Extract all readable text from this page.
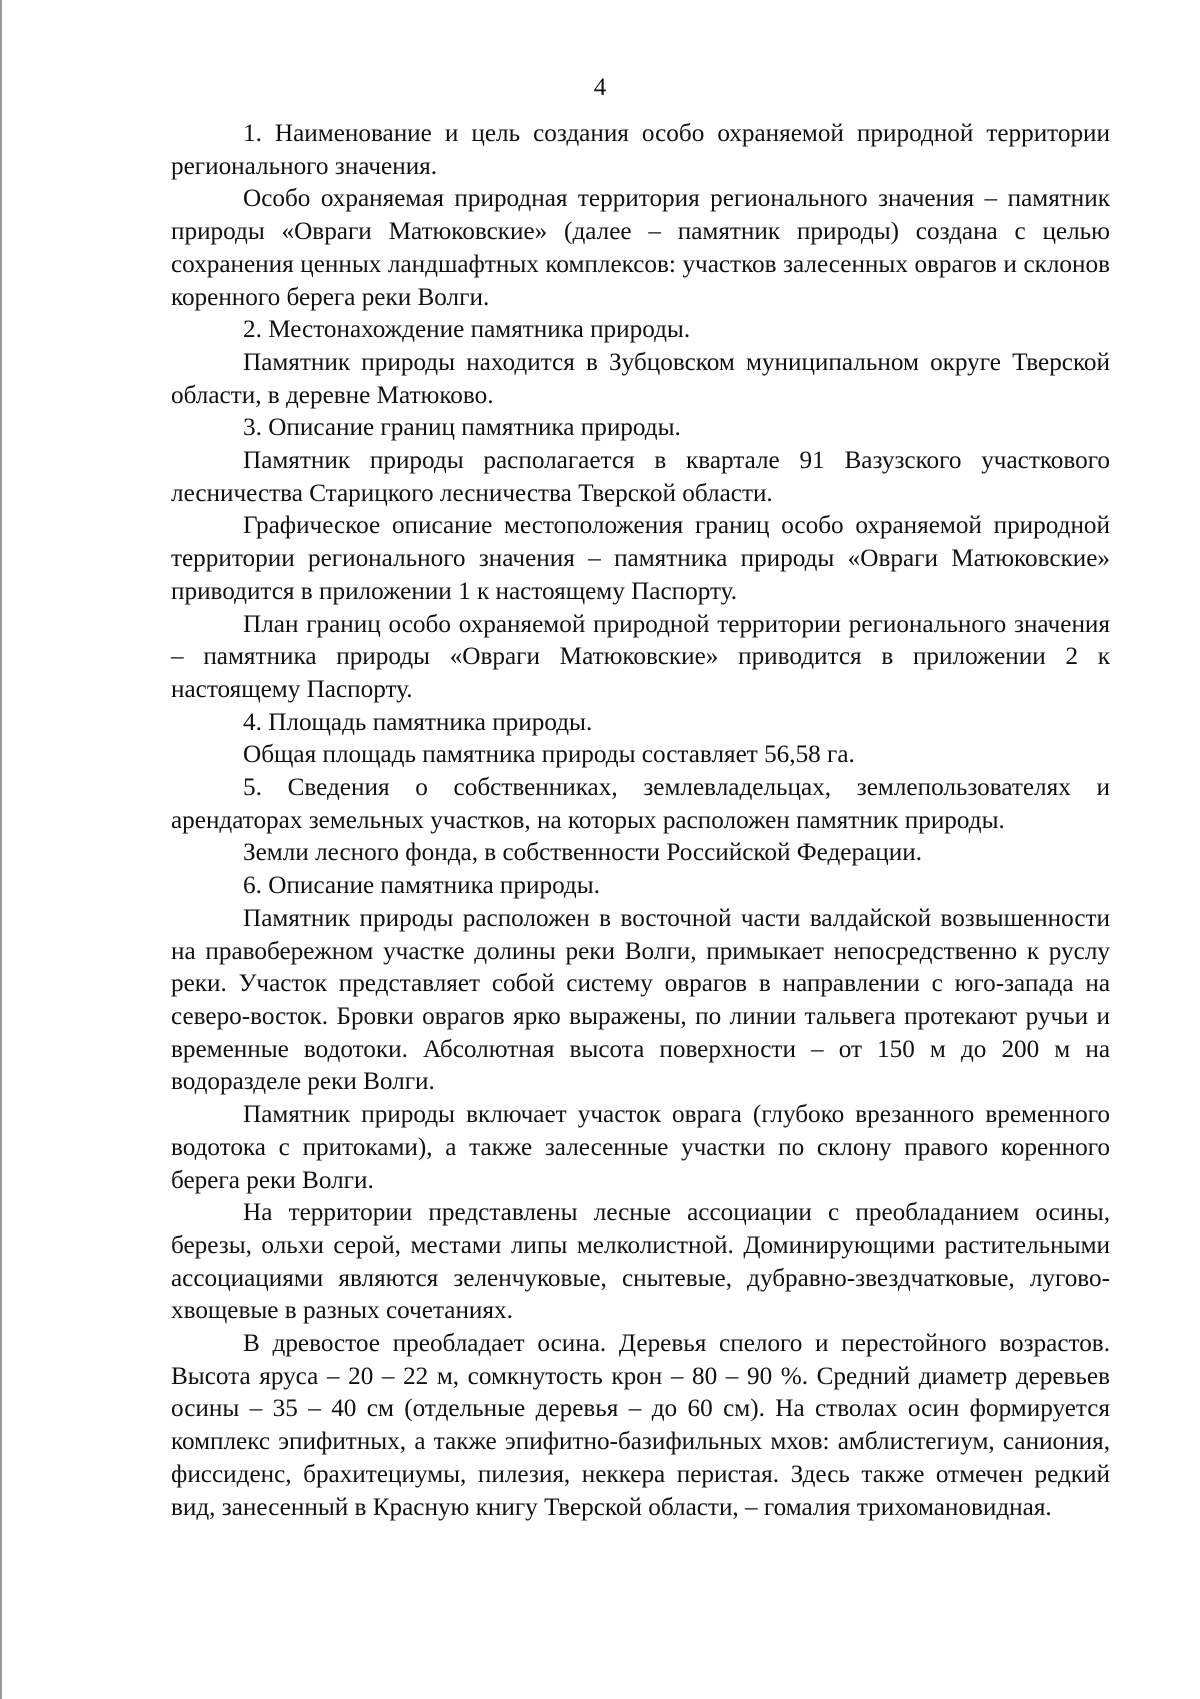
4

1. Наименование и цель создания особо охраняемой природной территории регионального значения.

Особо охраняемая природная территория регионального значения – памятник природы «Овраги Матюковские» (далее – памятник природы) создана с целью сохранения ценных ландшафтных комплексов: участков залесенных оврагов и склонов коренного берега реки Волги.

2. Местонахождение памятника природы.

Памятник природы находится в Зубцовском муниципальном округе Тверской области, в деревне Матюково.

3. Описание границ памятника природы.

Памятник природы располагается в квартале 91 Вазузского участкового лесничества Старицкого лесничества Тверской области.

Графическое описание местоположения границ особо охраняемой природной территории регионального значения – памятника природы «Овраги Матюковские» приводится в приложении 1 к настоящему Паспорту.

План границ особо охраняемой природной территории регионального значения – памятника природы «Овраги Матюковские» приводится в приложении 2 к настоящему Паспорту.

4. Площадь памятника природы.

Общая площадь памятника природы составляет 56,58 га.

5. Сведения о собственниках, землевладельцах, землепользователях и арендаторах земельных участков, на которых расположен памятник природы.

Земли лесного фонда, в собственности Российской Федерации.

6. Описание памятника природы.

Памятник природы расположен в восточной части валдайской возвышенности на правобережном участке долины реки Волги, примыкает непосредственно к руслу реки. Участок представляет собой систему оврагов в направлении с юго-запада на северо-восток. Бровки оврагов ярко выражены, по линии тальвега протекают ручьи и временные водотоки. Абсолютная высота поверхности – от 150 м до 200 м на водоразделе реки Волги.

Памятник природы включает участок оврага (глубоко врезанного временного водотока с притоками), а также залесенные участки по склону правого коренного берега реки Волги.

На территории представлены лесные ассоциации с преобладанием осины, березы, ольхи серой, местами липы мелколистной. Доминирующими растительными ассоциациями являются зеленчуковые, снытевые, дубравно-звездчатковые, лугово-хвощевые в разных сочетаниях.

В древостое преобладает осина. Деревья спелого и перестойного возрастов. Высота яруса – 20 – 22 м, сомкнутость крон – 80 – 90 %. Средний диаметр деревьев осины – 35 – 40 см (отдельные деревья – до 60 см). На стволах осин формируется комплекс эпифитных, а также эпифитно-базифильных мхов: амблистегиум, саниония, фиссиденс, брахитециумы, пилезия, неккера перистая. Здесь также отмечен редкий вид, занесенный в Красную книгу Тверской области, – гомалия трихомановидная.
